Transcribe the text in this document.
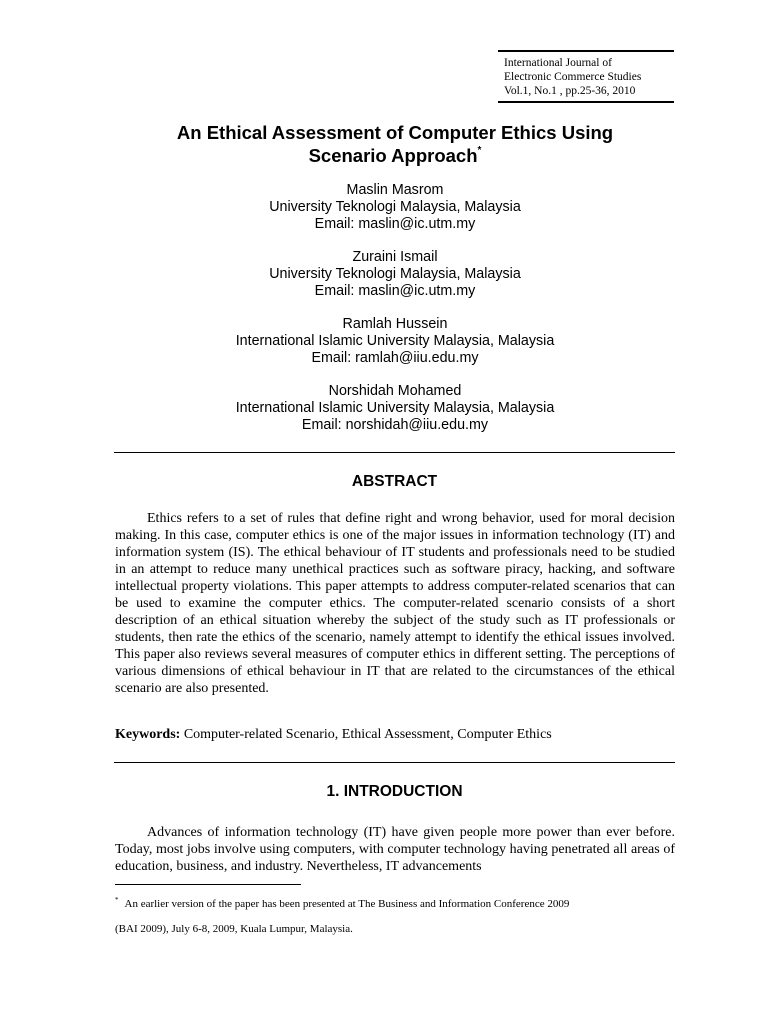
International Journal of
Electronic Commerce Studies
Vol.1, No.1 , pp.25-36, 2010
An Ethical Assessment of Computer Ethics Using
Scenario Approach*
Maslin Masrom
University Teknologi Malaysia, Malaysia
Email: maslin@ic.utm.my
Zuraini Ismail
University Teknologi Malaysia, Malaysia
Email: maslin@ic.utm.my
Ramlah Hussein
International Islamic University Malaysia, Malaysia
Email: ramlah@iiu.edu.my
Norshidah Mohamed
International Islamic University Malaysia, Malaysia
Email: norshidah@iiu.edu.my
ABSTRACT
Ethics refers to a set of rules that define right and wrong behavior, used for moral decision making. In this case, computer ethics is one of the major issues in information technology (IT) and information system (IS). The ethical behaviour of IT students and professionals need to be studied in an attempt to reduce many unethical practices such as software piracy, hacking, and software intellectual property violations. This paper attempts to address computer-related scenarios that can be used to examine the computer ethics. The computer-related scenario consists of a short description of an ethical situation whereby the subject of the study such as IT professionals or students, then rate the ethics of the scenario, namely attempt to identify the ethical issues involved. This paper also reviews several measures of computer ethics in different setting. The perceptions of various dimensions of ethical behaviour in IT that are related to the circumstances of the ethical scenario are also presented.
Keywords: Computer-related Scenario, Ethical Assessment, Computer Ethics
1. INTRODUCTION
Advances of information technology (IT) have given people more power than ever before. Today, most jobs involve using computers, with computer technology having penetrated all areas of education, business, and industry. Nevertheless, IT advancements
* An earlier version of the paper has been presented at The Business and Information Conference 2009
(BAI 2009), July 6-8, 2009, Kuala Lumpur, Malaysia.
